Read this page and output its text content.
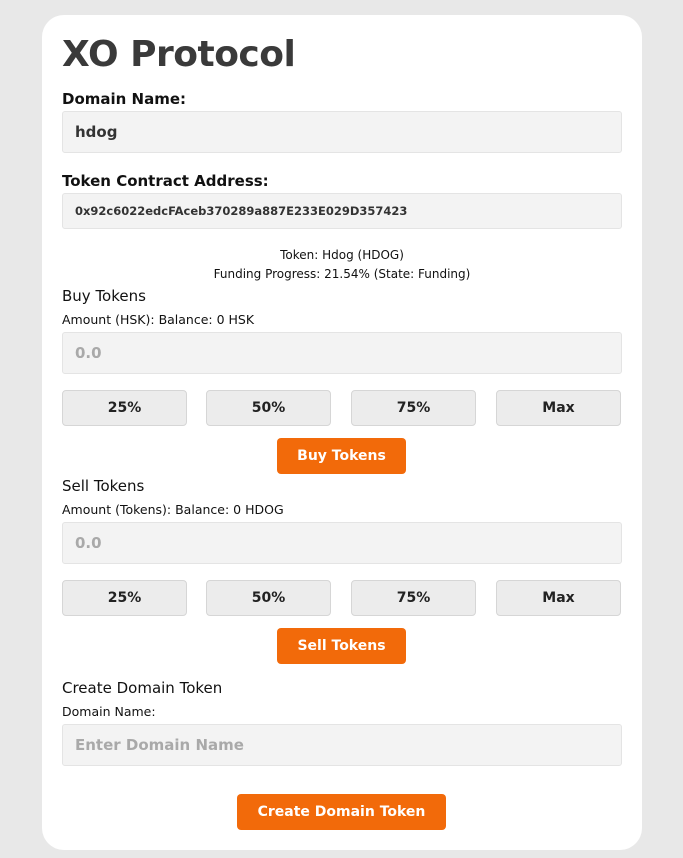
XO Protocol
Domain Name:
hdog
Token Contract Address:
0x92c6022edcFAceb370289a887E233E029D357423
Token: Hdog (HDOG)
Funding Progress: 21.54% (State: Funding)
Buy Tokens
Amount (HSK): Balance: 0 HSK
0.0
25%	50%	75%	Max
Buy Tokens
Sell Tokens
Amount (Tokens): Balance: 0 HDOG
0.0
25%	50%	75%	Max
Sell Tokens
Create Domain Token
Domain Name:
Enter Domain Name
Create Domain Token
